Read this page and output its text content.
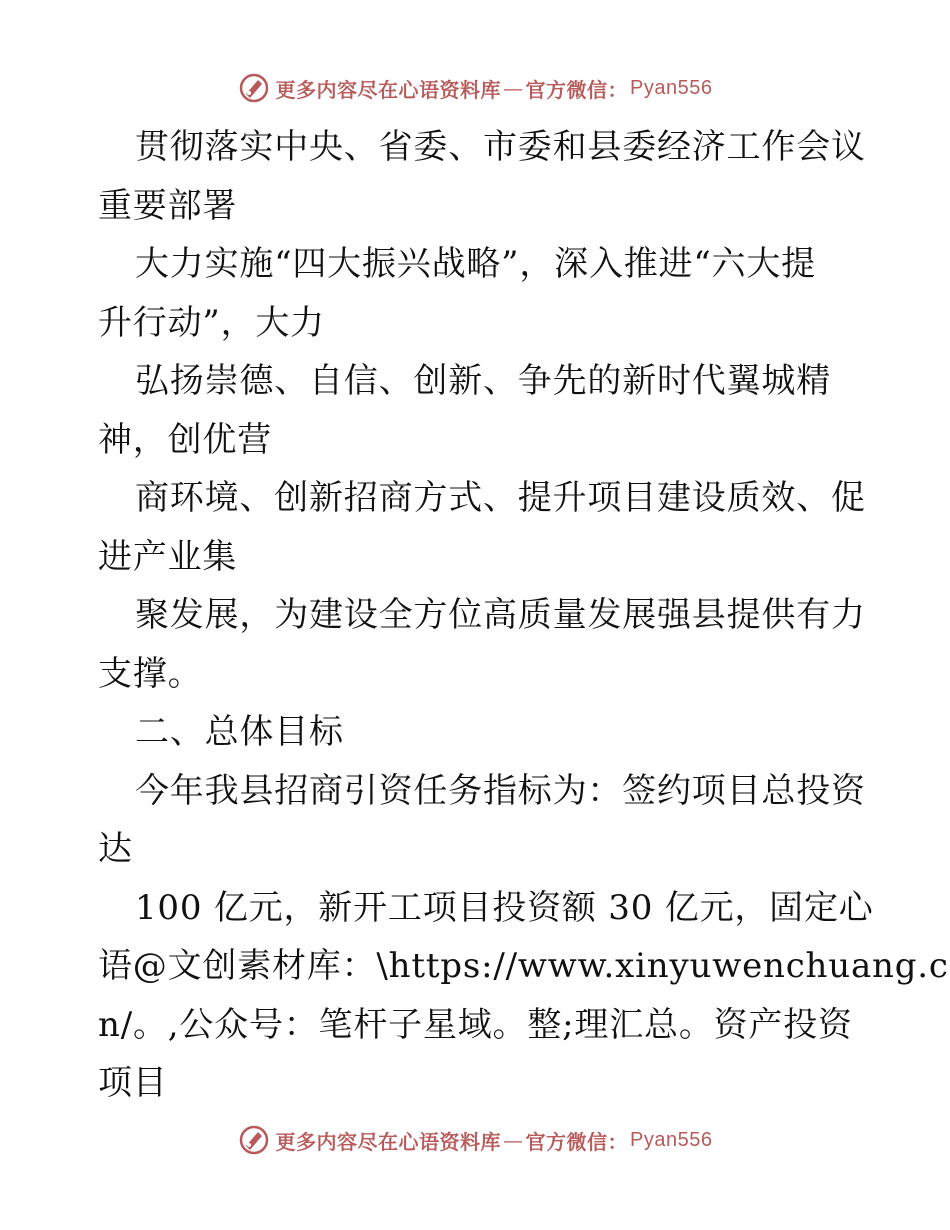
更多内容尽在心语资料库 — 官方微信： Pyan556
贯彻落实中央、省委、市委和县委经济工作会议
重要部署
大力实施“四大振兴战略”，深入推进“六大提
升行动”，大力
弘扬崇德、自信、创新、争先的新时代翼城精
神，创优营
商环境、创新招商方式、提升项目建设质效、促
进产业集
聚发展，为建设全方位高质量发展强县提供有力
支撑。
二、总体目标
今年我县招商引资任务指标为：签约项目总投资
达
100 亿元，新开工项目投资额 30 亿元，固定心
语@文创素材库：\https://www.xinyuwenchuang.c
n/。,公众号：笔杆子星域。整;理汇总。资产投资
项目
更多内容尽在心语资料库 — 官方微信： Pyan556
